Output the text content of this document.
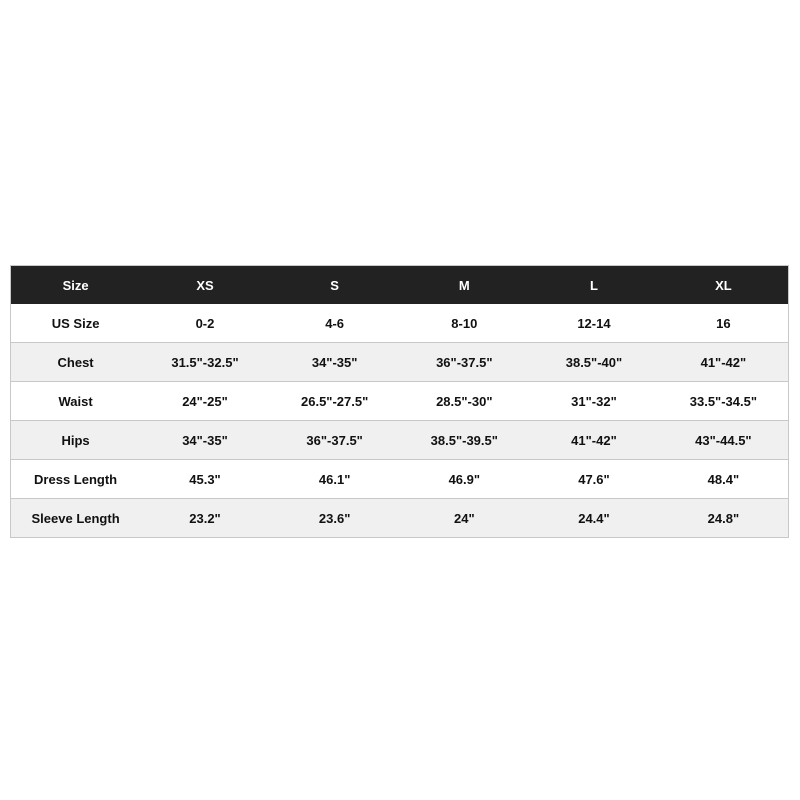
Size	XS	S	M	L	XL
US Size	0-2	4-6	8-10	12-14	16
Chest	31.5"-32.5"	34"-35"	36"-37.5"	38.5"-40"	41"-42"
Waist	24"-25"	26.5"-27.5"	28.5"-30"	31"-32"	33.5"-34.5"
Hips	34"-35"	36"-37.5"	38.5"-39.5"	41"-42"	43"-44.5"
Dress Length	45.3"	46.1"	46.9"	47.6"	48.4"
Sleeve Length	23.2"	23.6"	24"	24.4"	24.8"
